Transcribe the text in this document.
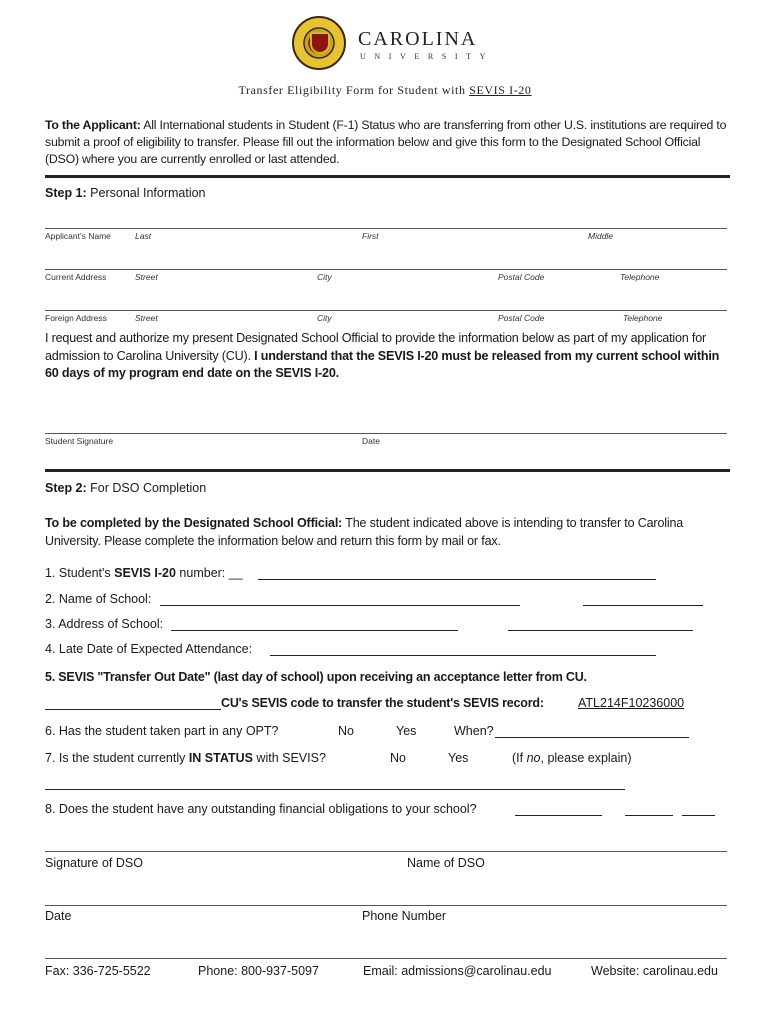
CAROLINA
UNIVERSITY
Transfer Eligibility Form for Student with SEVIS I-20
To the Applicant: All International students in Student (F-1) Status who are transferring from other U.S. institutions are required to submit a proof of eligibility to transfer. Please fill out the information below and give this form to the Designated School Official (DSO) where you are currently enrolled or last attended.
Step 1: Personal Information
Applicant's Name	Last	First	Middle
Current Address	Street	City	Postal Code	Telephone
Foreign Address	Street	City	Postal Code	Telephone
I request and authorize my present Designated School Official to provide the information below as part of my application for admission to Carolina University (CU). I understand that the SEVIS I-20 must be released from my current school within 60 days of my program end date on the SEVIS I-20.
Student Signature	Date
Step 2: For DSO Completion
To be completed by the Designated School Official: The student indicated above is intending to transfer to Carolina University. Please complete the information below and return this form by mail or fax.
1. Student's SEVIS I-20 number: __
2. Name of School:
3. Address of School:
4. Late Date of Expected Attendance:
5. SEVIS "Transfer Out Date" (last day of school) upon receiving an acceptance letter from CU.
CU's SEVIS code to transfer the student's SEVIS record:	ATL214F10236000
6. Has the student taken part in any OPT?	No	Yes	When?
7. Is the student currently IN STATUS with SEVIS?	No	Yes	(If no, please explain)
8. Does the student have any outstanding financial obligations to your school?
Signature of DSO	Name of DSO
Date	Phone Number
Fax: 336-725-5522	Phone: 800-937-5097	Email: admissions@carolinau.edu	Website: carolinau.edu
